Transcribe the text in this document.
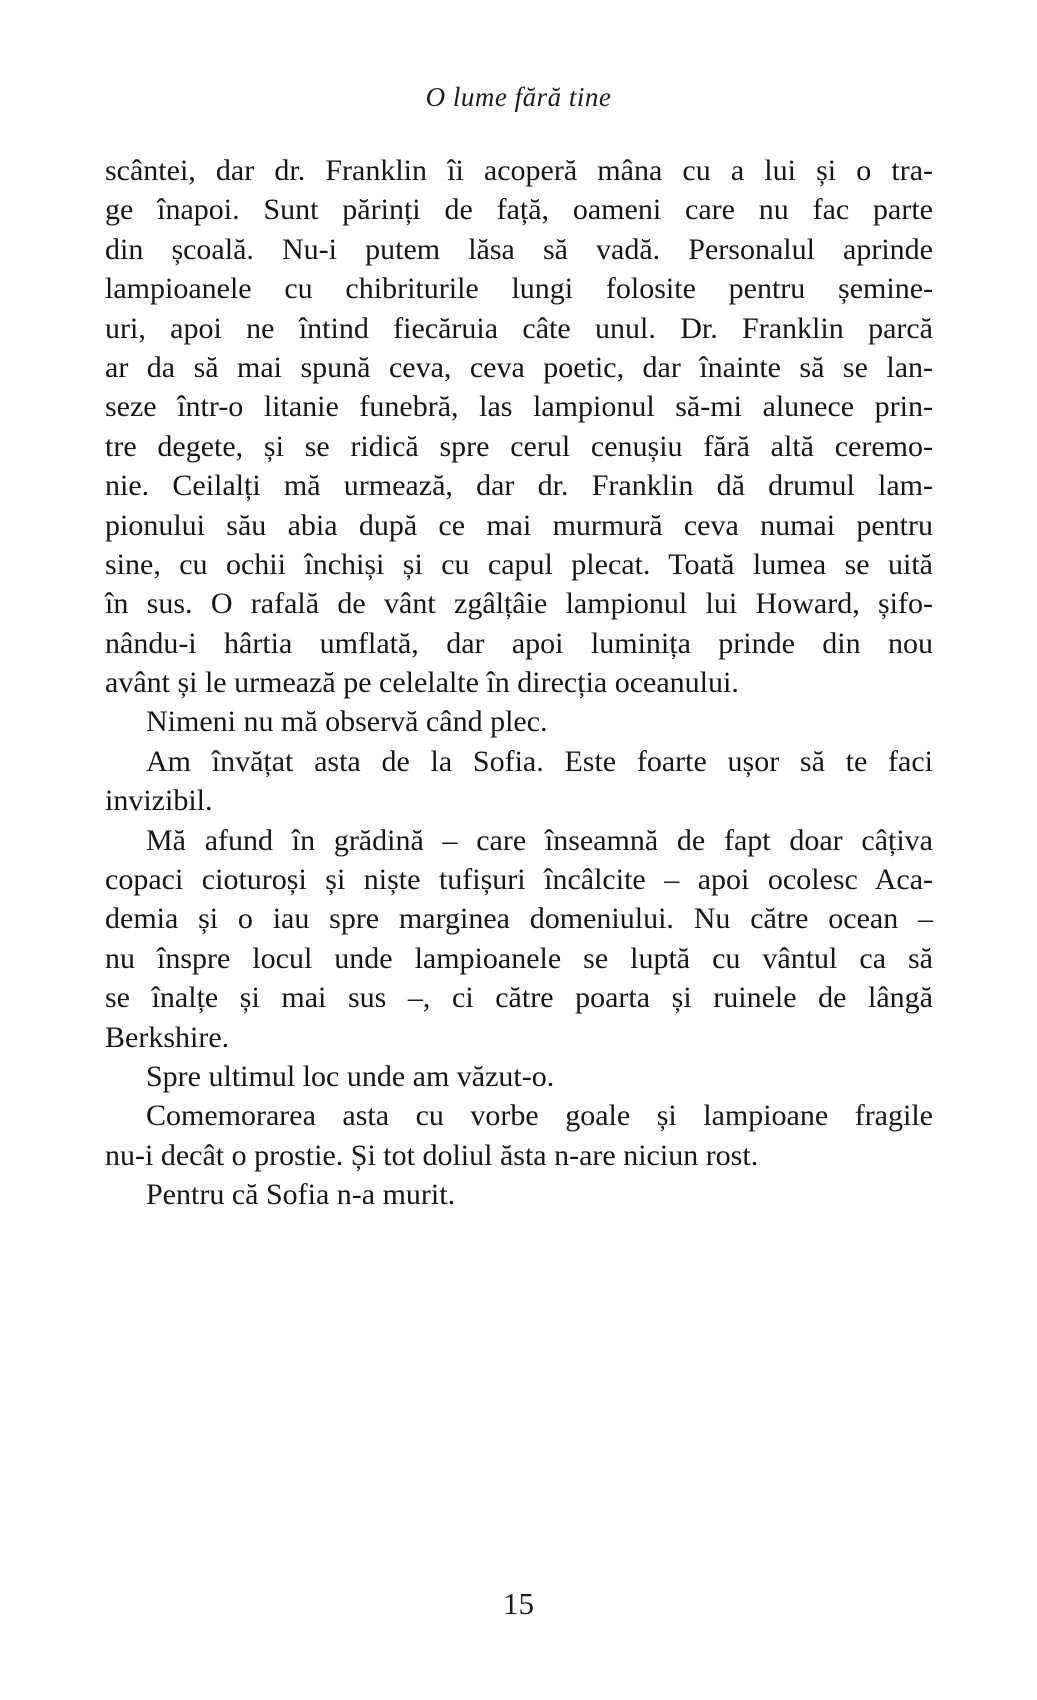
O lume fără tine
scântei, dar dr. Franklin îi acoperă mâna cu a lui și o tra-
ge înapoi. Sunt părinți de față, oameni care nu fac parte
din școală. Nu-i putem lăsa să vadă. Personalul aprinde
lampioanele cu chibriturile lungi folosite pentru șemine-
uri, apoi ne întind fiecăruia câte unul. Dr. Franklin parcă
ar da să mai spună ceva, ceva poetic, dar înainte să se lan-
seze într-o litanie funebră, las lampionul să-mi alunece prin-
tre degete, și se ridică spre cerul cenușiu fără altă ceremo-
nie. Ceilalți mă urmează, dar dr. Franklin dă drumul lam-
pionului său abia după ce mai murmură ceva numai pentru
sine, cu ochii închiși și cu capul plecat. Toată lumea se uită
în sus. O rafală de vânt zgâlțâie lampionul lui Howard, șifo-
nându-i hârtia umflată, dar apoi luminița prinde din nou
avânt și le urmează pe celelalte în direcția oceanului.
Nimeni nu mă observă când plec.
Am învățat asta de la Sofia. Este foarte ușor să te faci
invizibil.
Mă afund în grădină – care înseamnă de fapt doar câțiva
copaci cioturoși și niște tufișuri încâlcite – apoi ocolesc Aca-
demia și o iau spre marginea domeniului. Nu către ocean –
nu înspre locul unde lampioanele se luptă cu vântul ca să
se înalțe și mai sus –, ci către poarta și ruinele de lângă
Berkshire.
Spre ultimul loc unde am văzut-o.
Comemorarea asta cu vorbe goale și lampioane fragile
nu-i decât o prostie. Și tot doliul ăsta n-are niciun rost.
Pentru că Sofia n-a murit.
15
